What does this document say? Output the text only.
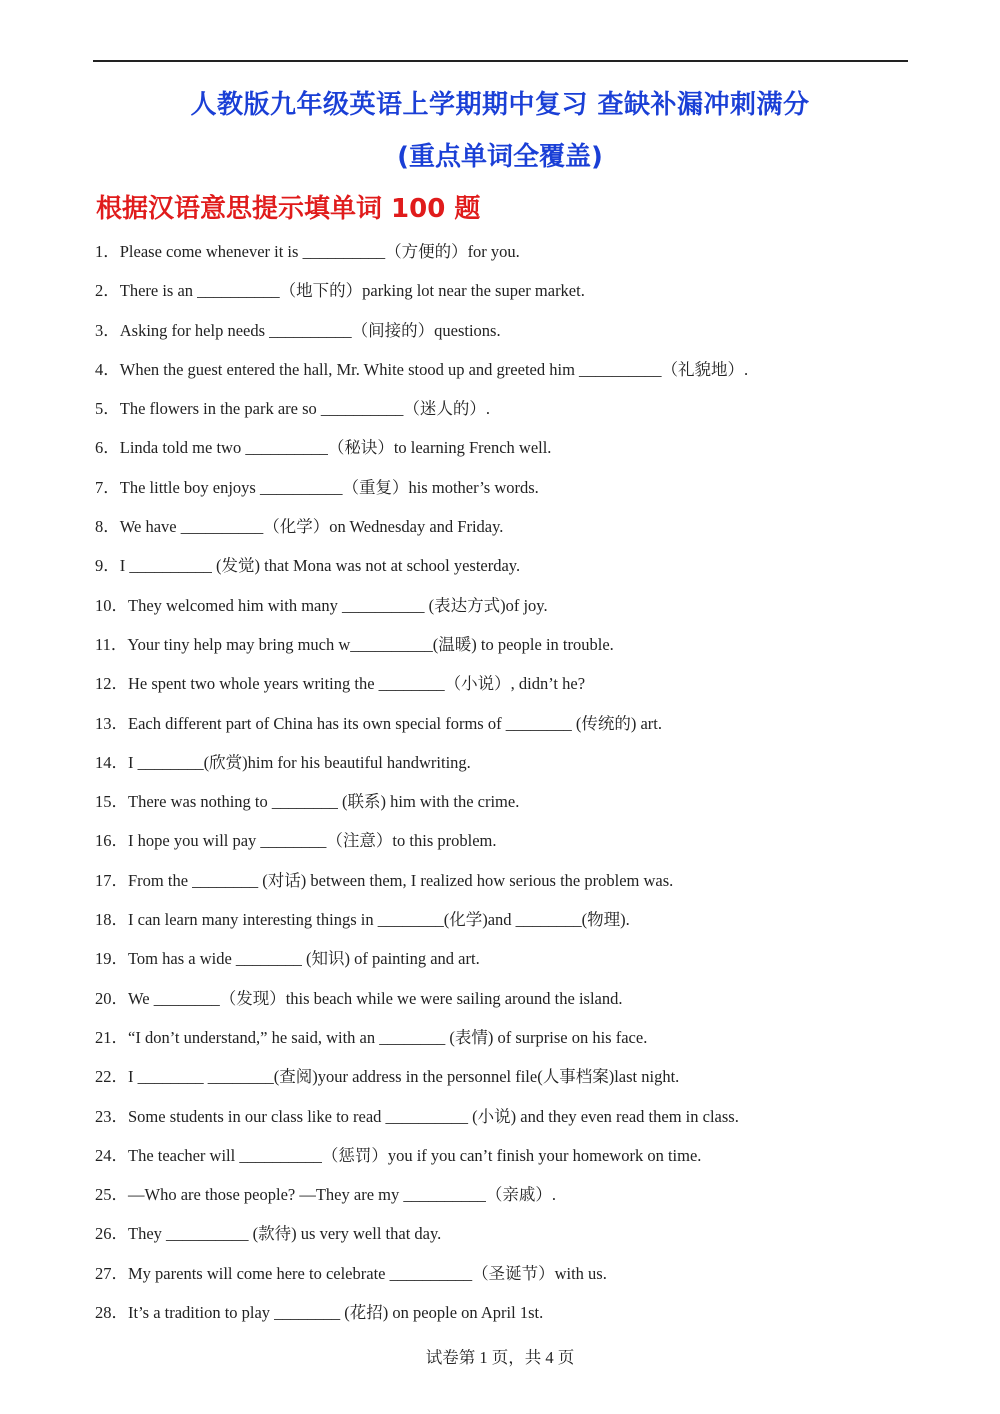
人教版九年级英语上学期期中复习 查缺补漏冲刺满分
(重点单词全覆盖)
根据汉语意思提示填单词 100 题
1．Please come whenever it is __________（方便的）for you.
2．There is an __________（地下的）parking lot near the super market.
3．Asking for help needs __________（间接的）questions.
4．When the guest entered the hall, Mr. White stood up and greeted him __________（礼貌地）.
5．The flowers in the park are so __________（迷人的）.
6．Linda told me two __________（秘诀）to learning French well.
7．The little boy enjoys __________（重复）his mother’s words.
8．We have __________（化学）on Wednesday and Friday.
9．I __________ (发觉) that Mona was not at school yesterday.
10．They welcomed him with many __________ (表达方式)of joy.
11．Your tiny help may bring much w__________(温暖) to people in trouble.
12．He spent two whole years writing the ________（小说）, didn’t he?
13．Each different part of China has its own special forms of ________ (传统的) art.
14．I ________(欣赏)him for his beautiful handwriting.
15．There was nothing to ________ (联系) him with the crime.
16．I hope you will pay ________（注意）to this problem.
17．From the ________ (对话) between them, I realized how serious the problem was.
18．I can learn many interesting things in ________(化学)and ________(物理).
19．Tom has a wide ________ (知识) of painting and art.
20．We ________（发现）this beach while we were sailing around the island.
21．“I don’t understand,” he said, with an ________ (表情) of surprise on his face.
22．I ________ ________(查阅)your address in the personnel file(人事档案)last night.
23．Some students in our class like to read __________ (小说) and they even read them in class.
24．The teacher will __________（惩罚）you if you can’t finish your homework on time.
25．—Who are those people? —They are my __________（亲戚）.
26．They __________ (款待) us very well that day.
27．My parents will come here to celebrate __________（圣诞节）with us.
28．It’s a tradition to play ________ (花招) on people on April 1st.
试卷第 1 页，共 4 页
